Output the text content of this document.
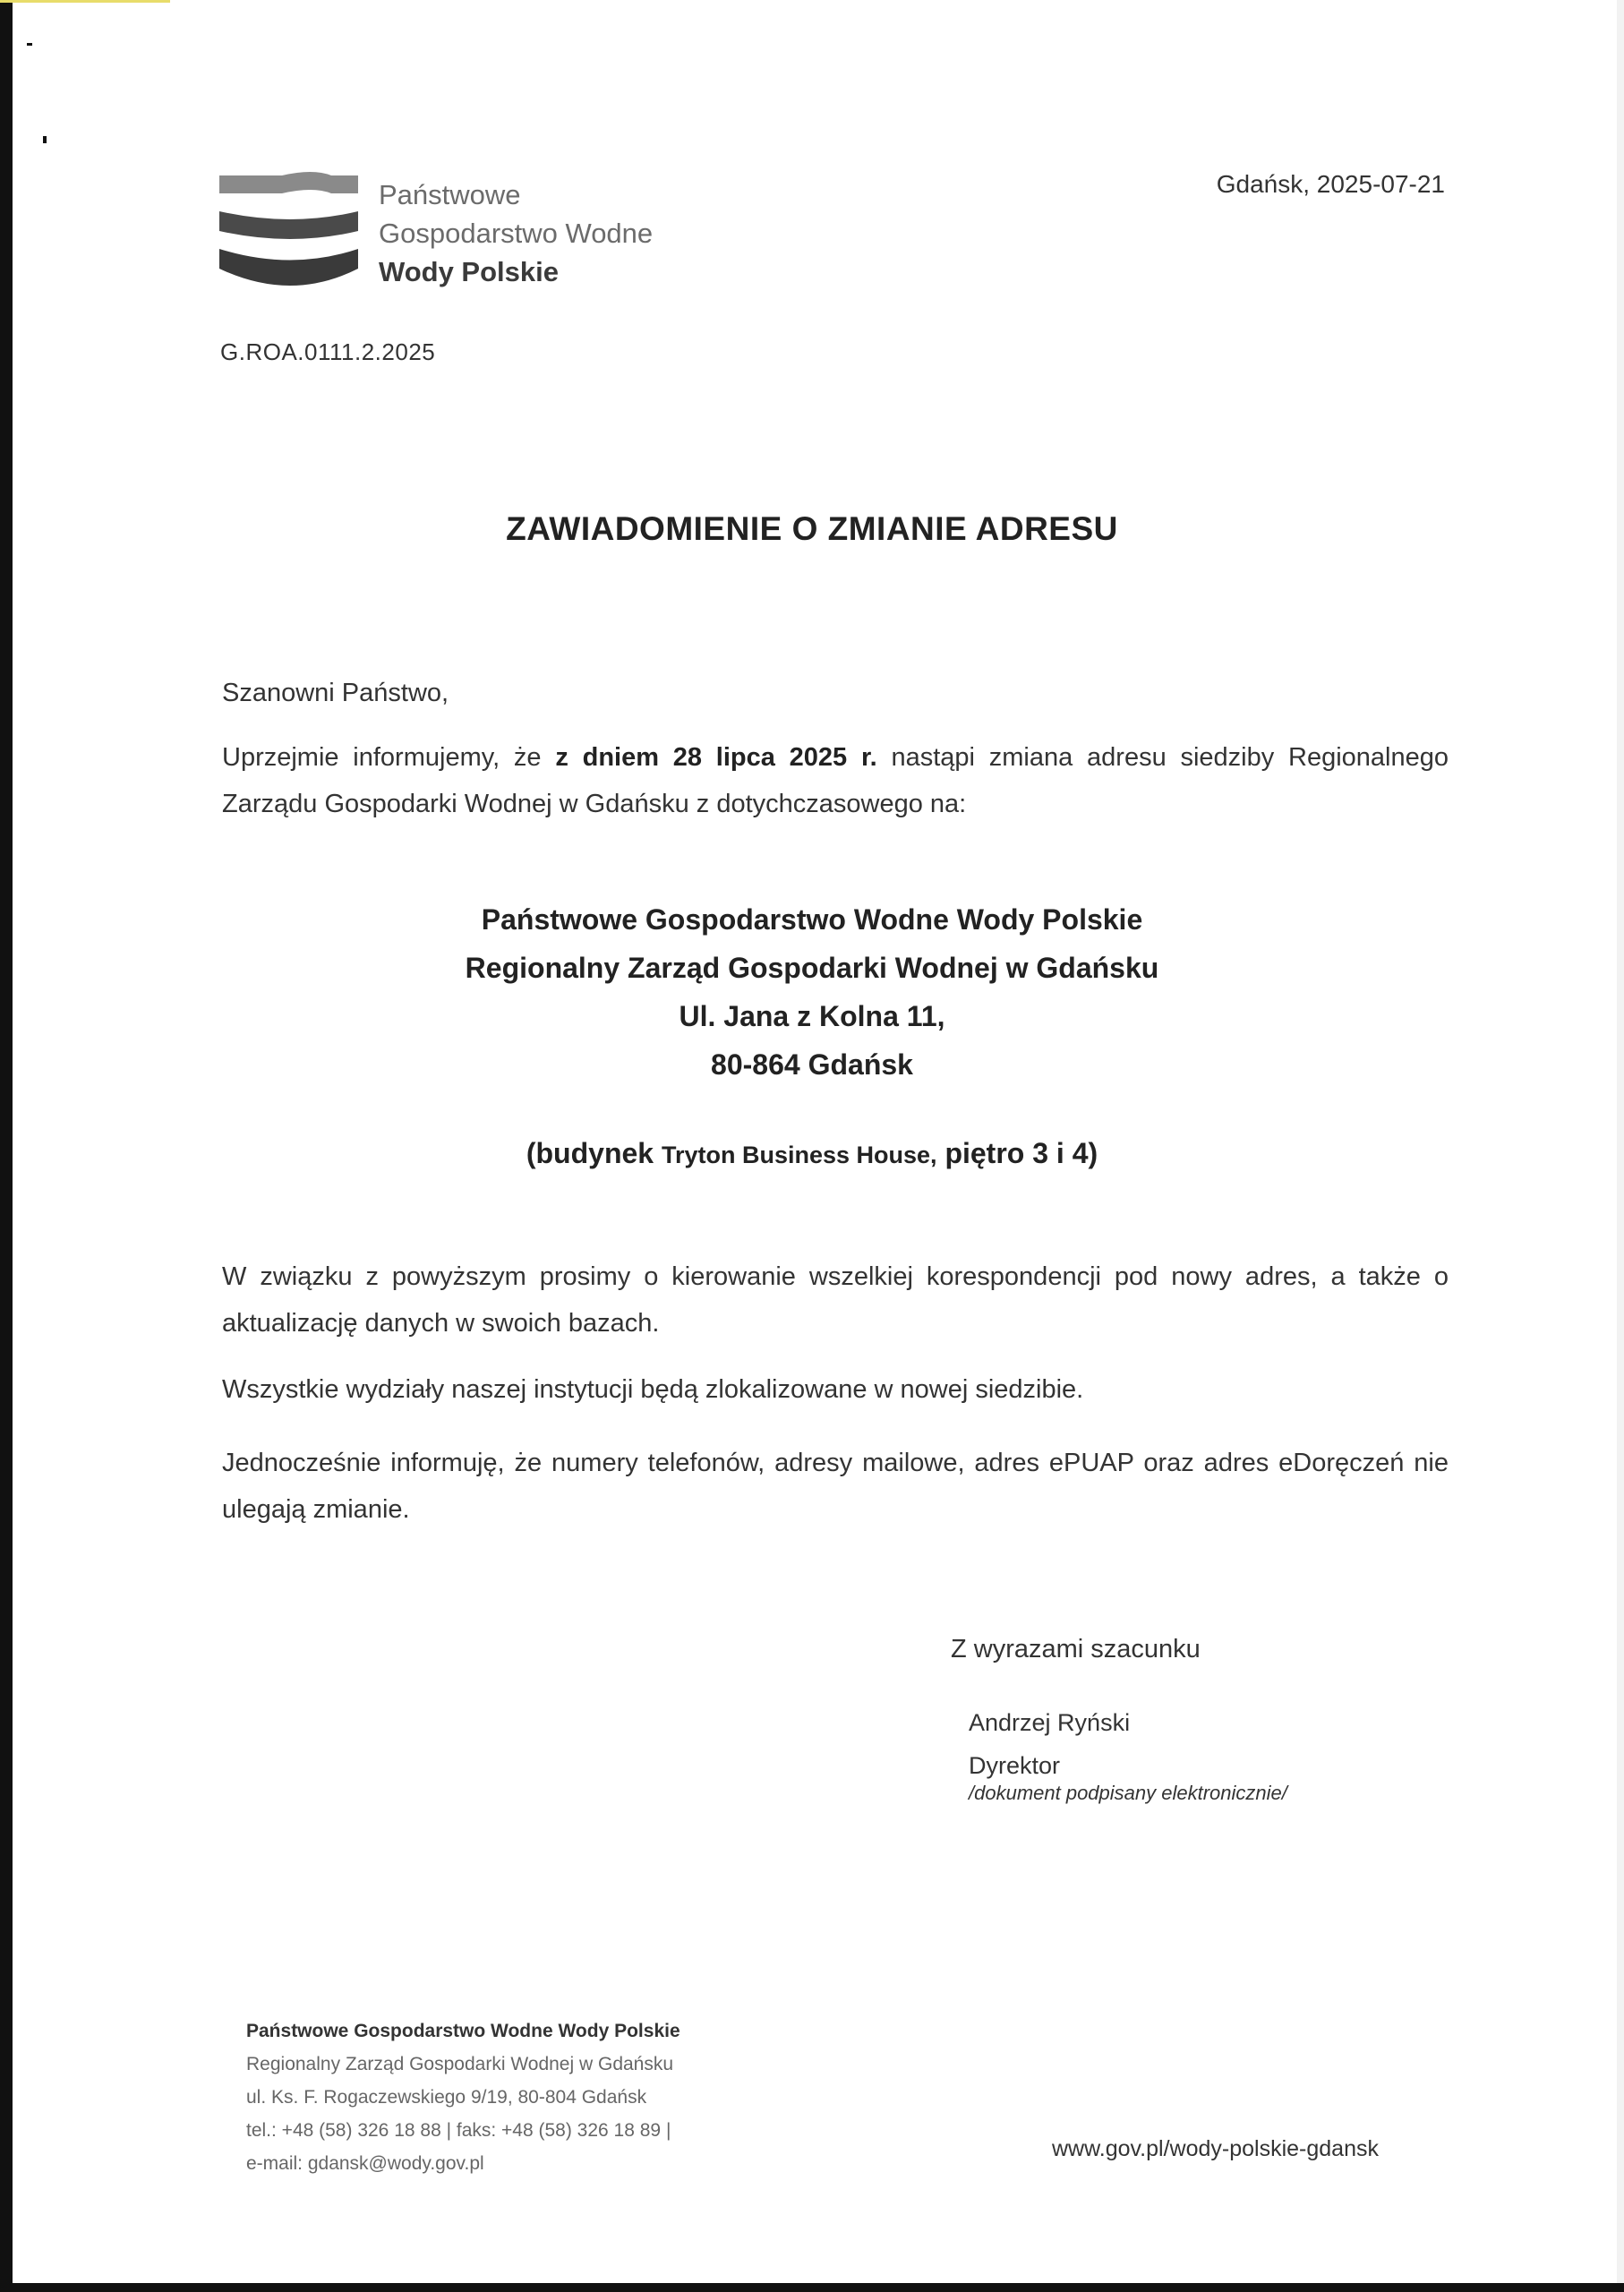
Państwowe
Gospodarstwo Wodne
Wody Polskie
Gdańsk, 2025-07-21
G.ROA.0111.2.2025
ZAWIADOMIENIE O ZMIANIE ADRESU
Szanowni Państwo,
Uprzejmie informujemy, że z dniem 28 lipca 2025 r. nastąpi zmiana adresu siedziby Regionalnego Zarządu Gospodarki Wodnej w Gdańsku z dotychczasowego na:
Państwowe Gospodarstwo Wodne Wody Polskie
Regionalny Zarząd Gospodarki Wodnej w Gdańsku
Ul. Jana z Kolna 11,
80-864 Gdańsk
(budynek Tryton Business House, piętro 3 i 4)
W związku z powyższym prosimy o kierowanie wszelkiej korespondencji pod nowy adres, a także o aktualizację danych w swoich bazach.
Wszystkie wydziały naszej instytucji będą zlokalizowane w nowej siedzibie.
Jednocześnie informuję, że numery telefonów, adresy mailowe, adres ePUAP oraz adres eDoręczeń nie ulegają zmianie.
Z wyrazami szacunku
Andrzej Ryński
Dyrektor
/dokument podpisany elektronicznie/
Państwowe Gospodarstwo Wodne Wody Polskie
Regionalny Zarząd Gospodarki Wodnej w Gdańsku
ul. Ks. F. Rogaczewskiego 9/19, 80-804 Gdańsk
tel.: +48 (58) 326 18 88 | faks: +48 (58) 326 18 89 |
e-mail: gdansk@wody.gov.pl
www.gov.pl/wody-polskie-gdansk
